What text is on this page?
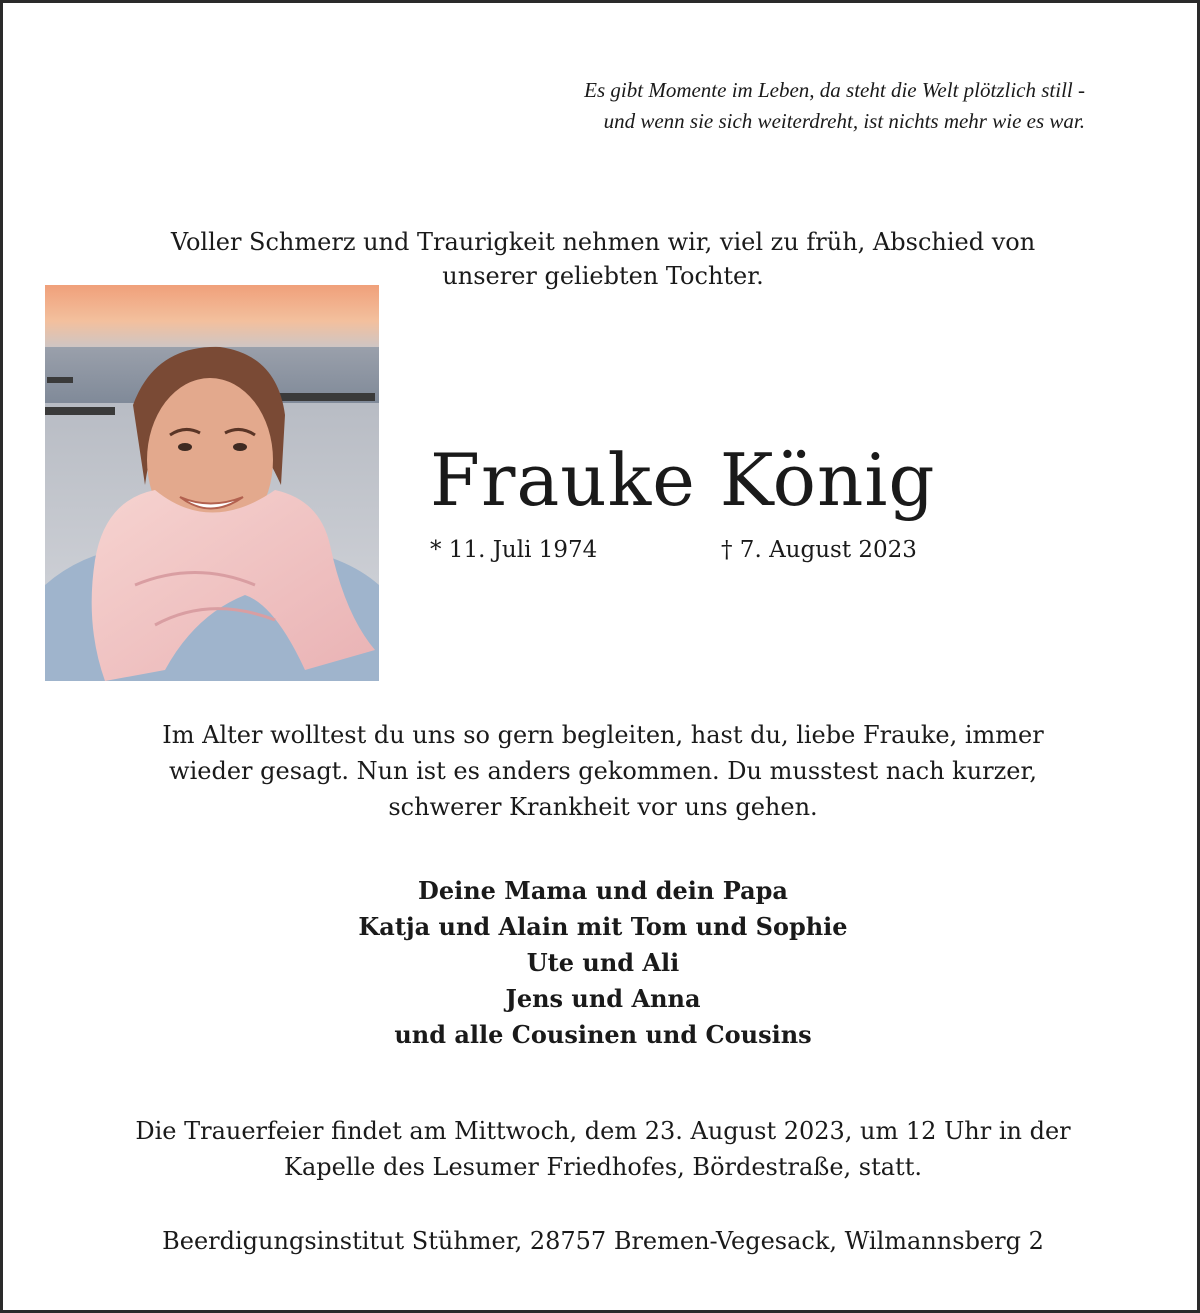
Es gibt Momente im Leben, da steht die Welt plötzlich still -
und wenn sie sich weiterdreht, ist nichts mehr wie es war.
Voller Schmerz und Traurigkeit nehmen wir, viel zu früh, Abschied von
unserer geliebten Tochter.
Frauke König
* 11. Juli 1974	† 7. August 2023
Im Alter wolltest du uns so gern begleiten, hast du, liebe Frauke, immer
wieder gesagt. Nun ist es anders gekommen. Du musstest nach kurzer,
schwerer Krankheit vor uns gehen.
Deine Mama und dein Papa
Katja und Alain mit Tom und Sophie
Ute und Ali
Jens und Anna
und alle Cousinen und Cousins
Die Trauerfeier findet am Mittwoch, dem 23. August 2023, um 12 Uhr in der
Kapelle des Lesumer Friedhofes, Bördestraße, statt.
Beerdigungsinstitut Stühmer, 28757 Bremen-Vegesack, Wilmannsberg 2
